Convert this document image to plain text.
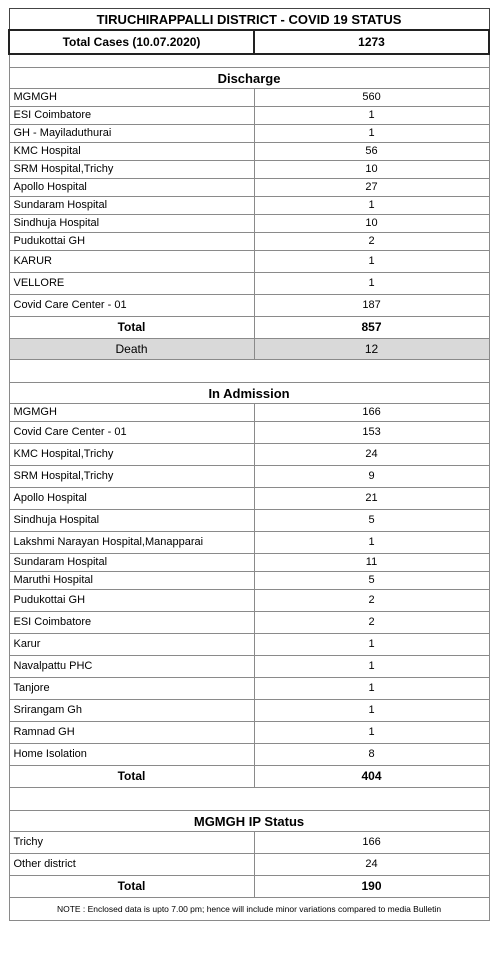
TIRUCHIRAPPALLI DISTRICT - COVID 19 STATUS	
Total Cases (10.07.2020)	1273

Discharge	
MGMGH	560
ESI Coimbatore	1
GH - Mayiladuthurai	1
KMC Hospital	56
SRM Hospital,Trichy	10
Apollo Hospital	27
Sundaram Hospital	1
Sindhuja Hospital	10
Pudukottai GH	2
KARUR	1
VELLORE	1
Covid Care Center - 01	187
Total	857
Death	12

In Admission	
MGMGH	166
Covid Care Center - 01	153
KMC Hospital,Trichy	24
SRM Hospital,Trichy	9
Apollo Hospital	21
Sindhuja Hospital	5
Lakshmi Narayan Hospital,Manapparai	1
Sundaram Hospital	11
Maruthi Hospital	5
Pudukottai GH	2
ESI Coimbatore	2
Karur	1
Navalpattu PHC	1
Tanjore	1
Srirangam Gh	1
Ramnad GH	1
Home Isolation	8
Total	404

MGMGH IP Status	
Trichy	166
Other district	24
Total	190
NOTE : Enclosed data is upto 7.00 pm; hence will include minor variations compared to media Bulletin	
